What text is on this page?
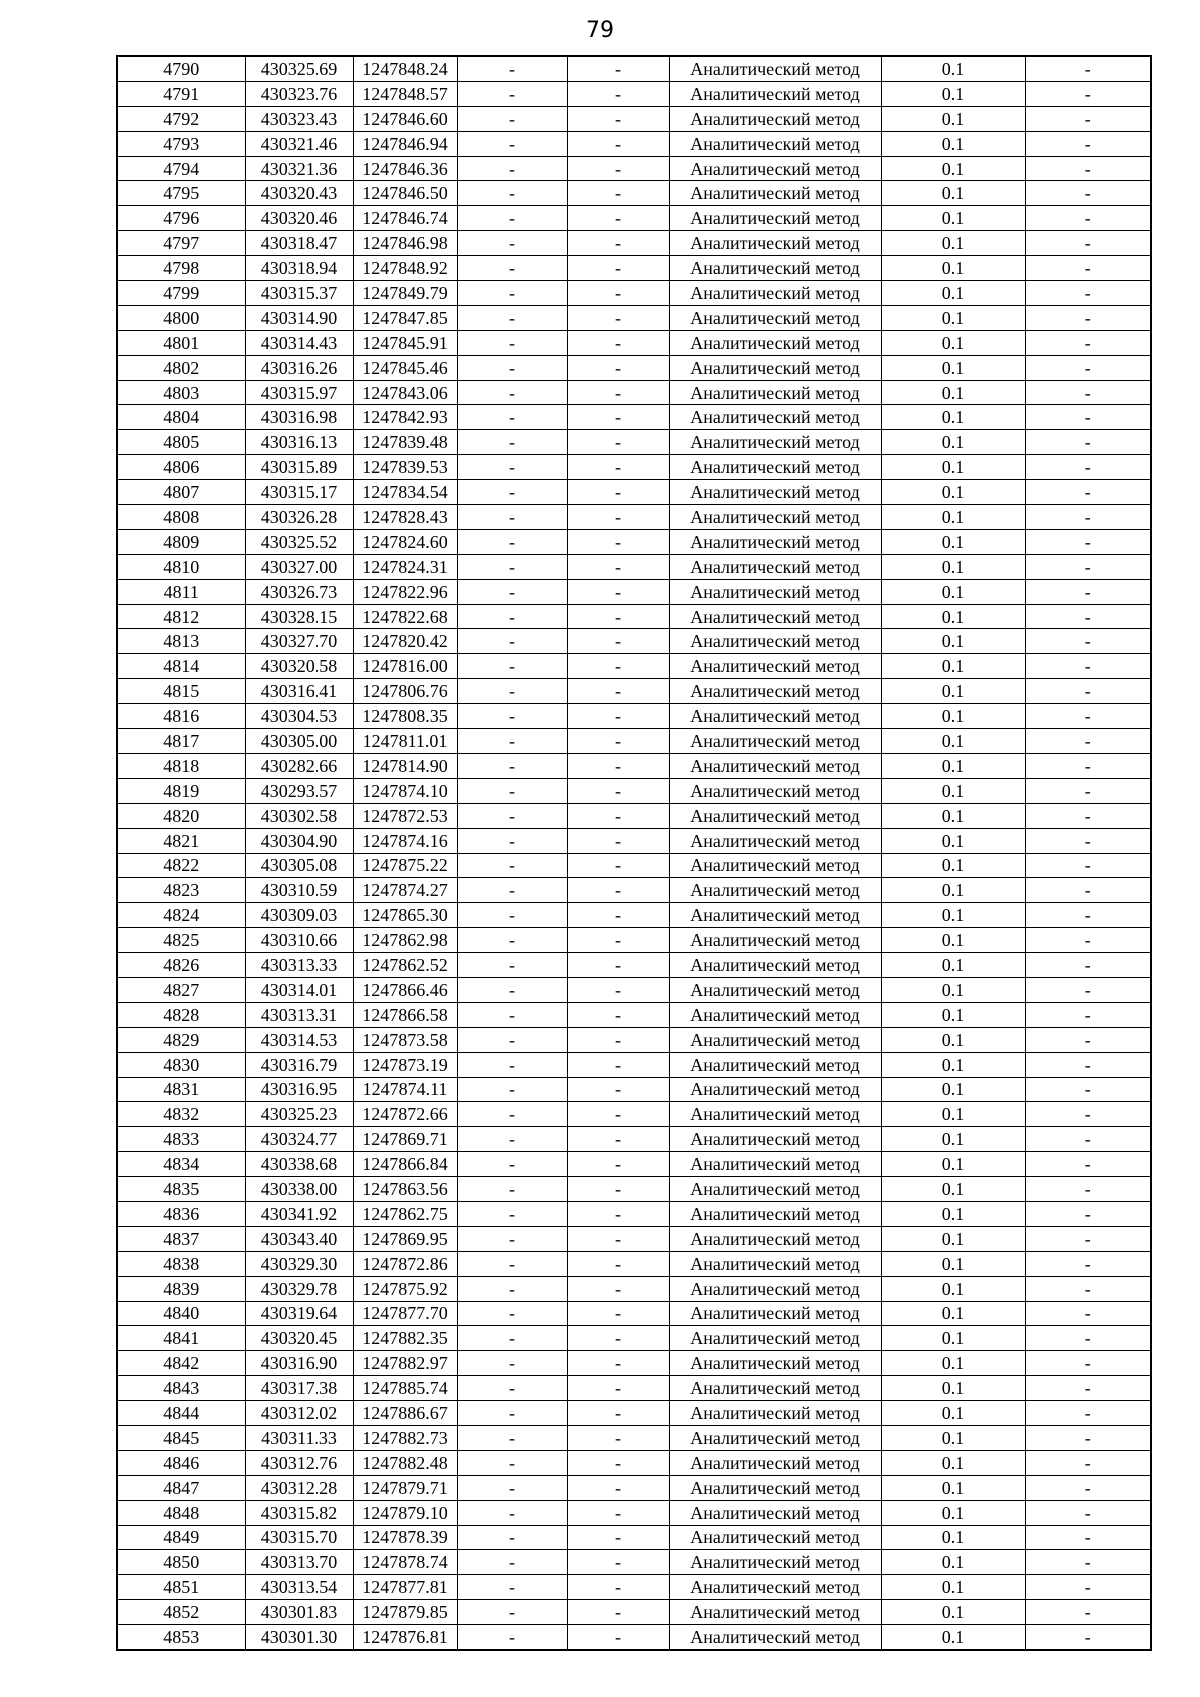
79
4790	430325.69	1247848.24	-	-	Аналитический метод	0.1	-
4791	430323.76	1247848.57	-	-	Аналитический метод	0.1	-
4792	430323.43	1247846.60	-	-	Аналитический метод	0.1	-
4793	430321.46	1247846.94	-	-	Аналитический метод	0.1	-
4794	430321.36	1247846.36	-	-	Аналитический метод	0.1	-
4795	430320.43	1247846.50	-	-	Аналитический метод	0.1	-
4796	430320.46	1247846.74	-	-	Аналитический метод	0.1	-
4797	430318.47	1247846.98	-	-	Аналитический метод	0.1	-
4798	430318.94	1247848.92	-	-	Аналитический метод	0.1	-
4799	430315.37	1247849.79	-	-	Аналитический метод	0.1	-
4800	430314.90	1247847.85	-	-	Аналитический метод	0.1	-
4801	430314.43	1247845.91	-	-	Аналитический метод	0.1	-
4802	430316.26	1247845.46	-	-	Аналитический метод	0.1	-
4803	430315.97	1247843.06	-	-	Аналитический метод	0.1	-
4804	430316.98	1247842.93	-	-	Аналитический метод	0.1	-
4805	430316.13	1247839.48	-	-	Аналитический метод	0.1	-
4806	430315.89	1247839.53	-	-	Аналитический метод	0.1	-
4807	430315.17	1247834.54	-	-	Аналитический метод	0.1	-
4808	430326.28	1247828.43	-	-	Аналитический метод	0.1	-
4809	430325.52	1247824.60	-	-	Аналитический метод	0.1	-
4810	430327.00	1247824.31	-	-	Аналитический метод	0.1	-
4811	430326.73	1247822.96	-	-	Аналитический метод	0.1	-
4812	430328.15	1247822.68	-	-	Аналитический метод	0.1	-
4813	430327.70	1247820.42	-	-	Аналитический метод	0.1	-
4814	430320.58	1247816.00	-	-	Аналитический метод	0.1	-
4815	430316.41	1247806.76	-	-	Аналитический метод	0.1	-
4816	430304.53	1247808.35	-	-	Аналитический метод	0.1	-
4817	430305.00	1247811.01	-	-	Аналитический метод	0.1	-
4818	430282.66	1247814.90	-	-	Аналитический метод	0.1	-
4819	430293.57	1247874.10	-	-	Аналитический метод	0.1	-
4820	430302.58	1247872.53	-	-	Аналитический метод	0.1	-
4821	430304.90	1247874.16	-	-	Аналитический метод	0.1	-
4822	430305.08	1247875.22	-	-	Аналитический метод	0.1	-
4823	430310.59	1247874.27	-	-	Аналитический метод	0.1	-
4824	430309.03	1247865.30	-	-	Аналитический метод	0.1	-
4825	430310.66	1247862.98	-	-	Аналитический метод	0.1	-
4826	430313.33	1247862.52	-	-	Аналитический метод	0.1	-
4827	430314.01	1247866.46	-	-	Аналитический метод	0.1	-
4828	430313.31	1247866.58	-	-	Аналитический метод	0.1	-
4829	430314.53	1247873.58	-	-	Аналитический метод	0.1	-
4830	430316.79	1247873.19	-	-	Аналитический метод	0.1	-
4831	430316.95	1247874.11	-	-	Аналитический метод	0.1	-
4832	430325.23	1247872.66	-	-	Аналитический метод	0.1	-
4833	430324.77	1247869.71	-	-	Аналитический метод	0.1	-
4834	430338.68	1247866.84	-	-	Аналитический метод	0.1	-
4835	430338.00	1247863.56	-	-	Аналитический метод	0.1	-
4836	430341.92	1247862.75	-	-	Аналитический метод	0.1	-
4837	430343.40	1247869.95	-	-	Аналитический метод	0.1	-
4838	430329.30	1247872.86	-	-	Аналитический метод	0.1	-
4839	430329.78	1247875.92	-	-	Аналитический метод	0.1	-
4840	430319.64	1247877.70	-	-	Аналитический метод	0.1	-
4841	430320.45	1247882.35	-	-	Аналитический метод	0.1	-
4842	430316.90	1247882.97	-	-	Аналитический метод	0.1	-
4843	430317.38	1247885.74	-	-	Аналитический метод	0.1	-
4844	430312.02	1247886.67	-	-	Аналитический метод	0.1	-
4845	430311.33	1247882.73	-	-	Аналитический метод	0.1	-
4846	430312.76	1247882.48	-	-	Аналитический метод	0.1	-
4847	430312.28	1247879.71	-	-	Аналитический метод	0.1	-
4848	430315.82	1247879.10	-	-	Аналитический метод	0.1	-
4849	430315.70	1247878.39	-	-	Аналитический метод	0.1	-
4850	430313.70	1247878.74	-	-	Аналитический метод	0.1	-
4851	430313.54	1247877.81	-	-	Аналитический метод	0.1	-
4852	430301.83	1247879.85	-	-	Аналитический метод	0.1	-
4853	430301.30	1247876.81	-	-	Аналитический метод	0.1	-
